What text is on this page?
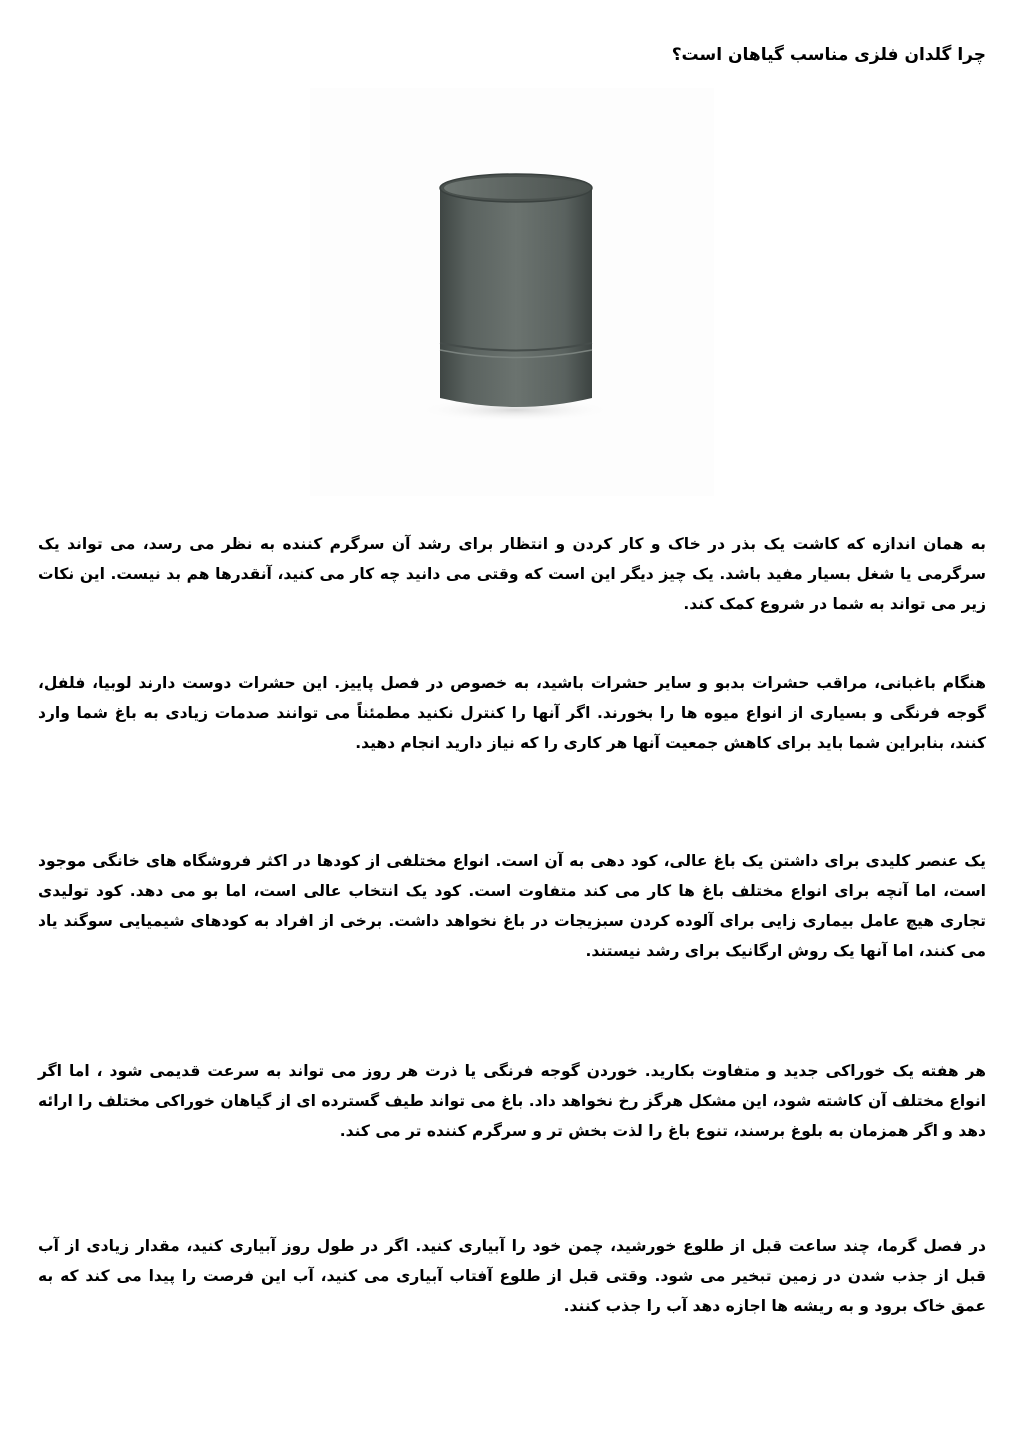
چرا گلدان فلزی مناسب گیاهان است؟

به همان اندازه که کاشت یک بذر در خاک و کار کردن و انتظار برای رشد آن سرگرم کننده به نظر می رسد، می تواند یک سرگرمی یا شغل بسیار مفید باشد. یک چیز دیگر این است که وقتی می دانید چه کار می کنید، آنقدرها هم بد نیست. این نکات زیر می تواند به شما در شروع کمک کند.

هنگام باغبانی، مراقب حشرات بدبو و سایر حشرات باشید، به خصوص در فصل پاییز. این حشرات دوست دارند لوبیا، فلفل، گوجه فرنگی و بسیاری از انواع میوه ها را بخورند. اگر آنها را کنترل نکنید مطمئناً می توانند صدمات زیادی به باغ شما وارد کنند، بنابراین شما باید برای کاهش جمعیت آنها هر کاری را که نیاز دارید انجام دهید.

یک عنصر کلیدی برای داشتن یک باغ عالی، کود دهی به آن است. انواع مختلفی از کودها در اکثر فروشگاه های خانگی موجود است، اما آنچه برای انواع مختلف باغ ها کار می کند متفاوت است. کود یک انتخاب عالی است، اما بو می دهد. کود تولیدی تجاری هیچ عامل بیماری زایی برای آلوده کردن سبزیجات در باغ نخواهد داشت. برخی از افراد به کودهای شیمیایی سوگند یاد می کنند، اما آنها یک روش ارگانیک برای رشد نیستند.

هر هفته یک خوراکی جدید و متفاوت بکارید. خوردن گوجه فرنگی یا ذرت هر روز می تواند به سرعت قدیمی شود ، اما اگر انواع مختلف آن کاشته شود، این مشکل هرگز رخ نخواهد داد. باغ می تواند طیف گسترده ای از گیاهان خوراکی مختلف را ارائه دهد و اگر همزمان به بلوغ برسند، تنوع باغ را لذت بخش تر و سرگرم کننده تر می کند.

در فصل گرما، چند ساعت قبل از طلوع خورشید، چمن خود را آبیاری کنید. اگر در طول روز آبیاری کنید، مقدار زیادی از آب قبل از جذب شدن در زمین تبخیر می شود. وقتی قبل از طلوع آفتاب آبیاری می کنید، آب این فرصت را پیدا می کند که به عمق خاک برود و به ریشه ها اجازه دهد آب را جذب کنند.
